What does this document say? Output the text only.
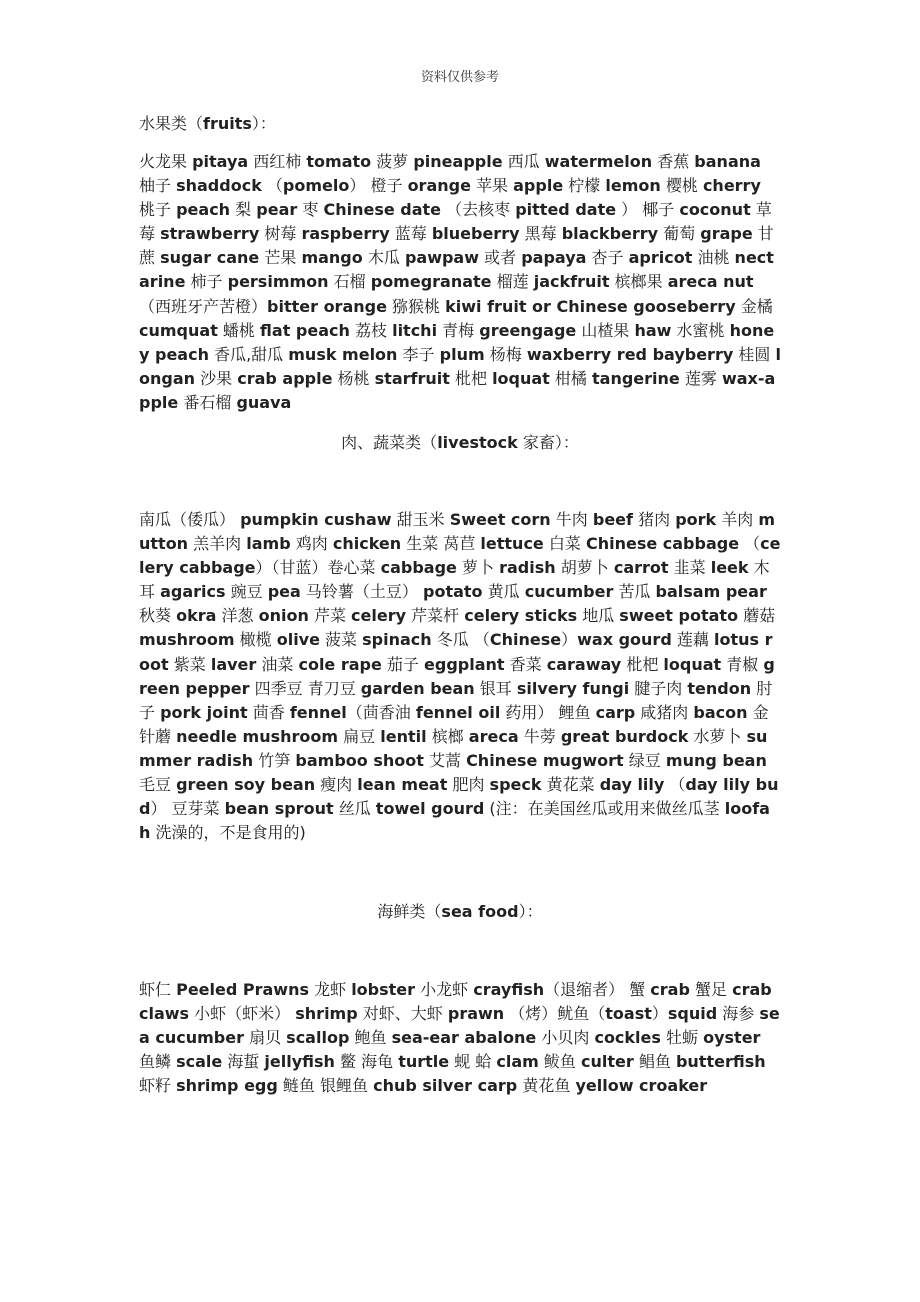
资料仅供参考

水果类（fruits）：

火龙果 pitaya 西红柿 tomato 菠萝 pineapple 西瓜 watermelon 香蕉 banana 柚子 shaddock （pomelo） 橙子 orange 苹果 apple 柠檬 lemon 樱桃 cherry 桃子 peach 梨 pear 枣 Chinese date （去核枣 pitted date ） 椰子 coconut 草莓 strawberry 树莓 raspberry 蓝莓 blueberry 黑莓 blackberry 葡萄 grape 甘蔗 sugar cane 芒果 mango 木瓜 pawpaw 或者 papaya 杏子 apricot 油桃 nectarine 柿子 persimmon 石榴 pomegranate 榴莲 jackfruit 槟榔果 areca nut （西班牙产苦橙）bitter orange 猕猴桃 kiwi fruit or Chinese gooseberry 金橘 cumquat 蟠桃 flat peach 荔枝 litchi 青梅 greengage 山楂果 haw 水蜜桃 honey peach 香瓜,甜瓜 musk melon 李子 plum 杨梅 waxberry red bayberry 桂圆 longan 沙果 crab apple 杨桃 starfruit 枇杷 loquat 柑橘 tangerine 莲雾 wax-apple 番石榴 guava

肉、蔬菜类（livestock 家畜）：

南瓜（倭瓜） pumpkin cushaw 甜玉米 Sweet corn 牛肉 beef 猪肉 pork 羊肉 mutton 羔羊肉 lamb 鸡肉 chicken 生菜 莴苣 lettuce 白菜 Chinese cabbage （celery cabbage）（甘蓝）卷心菜 cabbage 萝卜 radish 胡萝卜 carrot 韭菜 leek 木耳 agarics 豌豆 pea 马铃薯（土豆） potato 黄瓜 cucumber 苦瓜 balsam pear 秋葵 okra 洋葱 onion 芹菜 celery 芹菜杆 celery sticks 地瓜 sweet potato 蘑菇 mushroom 橄榄 olive 菠菜 spinach 冬瓜 （Chinese）wax gourd 莲藕 lotus root 紫菜 laver 油菜 cole rape 茄子 eggplant 香菜 caraway 枇杷 loquat 青椒 green pepper 四季豆 青刀豆 garden bean 银耳 silvery fungi 腱子肉 tendon 肘子 pork joint 茴香 fennel（茴香油 fennel oil 药用） 鲤鱼 carp 咸猪肉 bacon 金针蘑 needle mushroom 扁豆 lentil 槟榔 areca 牛蒡 great burdock 水萝卜 summer radish 竹笋 bamboo shoot 艾蒿 Chinese mugwort 绿豆 mung bean 毛豆 green soy bean 瘦肉 lean meat 肥肉 speck 黄花菜 day lily （day lily bud） 豆芽菜 bean sprout 丝瓜 towel gourd (注：在美国丝瓜或用来做丝瓜茎 loofah 洗澡的，不是食用的)

海鲜类（sea food）：

虾仁 Peeled Prawns 龙虾 lobster 小龙虾 crayfish（退缩者） 蟹 crab 蟹足 crab claws 小虾（虾米） shrimp 对虾、大虾 prawn （烤）鱿鱼（toast）squid 海参 sea cucumber 扇贝 scallop 鲍鱼 sea-ear abalone 小贝肉 cockles 牡蛎 oyster 鱼鳞 scale 海蜇 jellyfish 鳖 海龟 turtle 蚬 蛤 clam 鲅鱼 culter 鲳鱼 butterfish 虾籽 shrimp egg 鲢鱼 银鲤鱼 chub silver carp 黄花鱼 yellow croaker
